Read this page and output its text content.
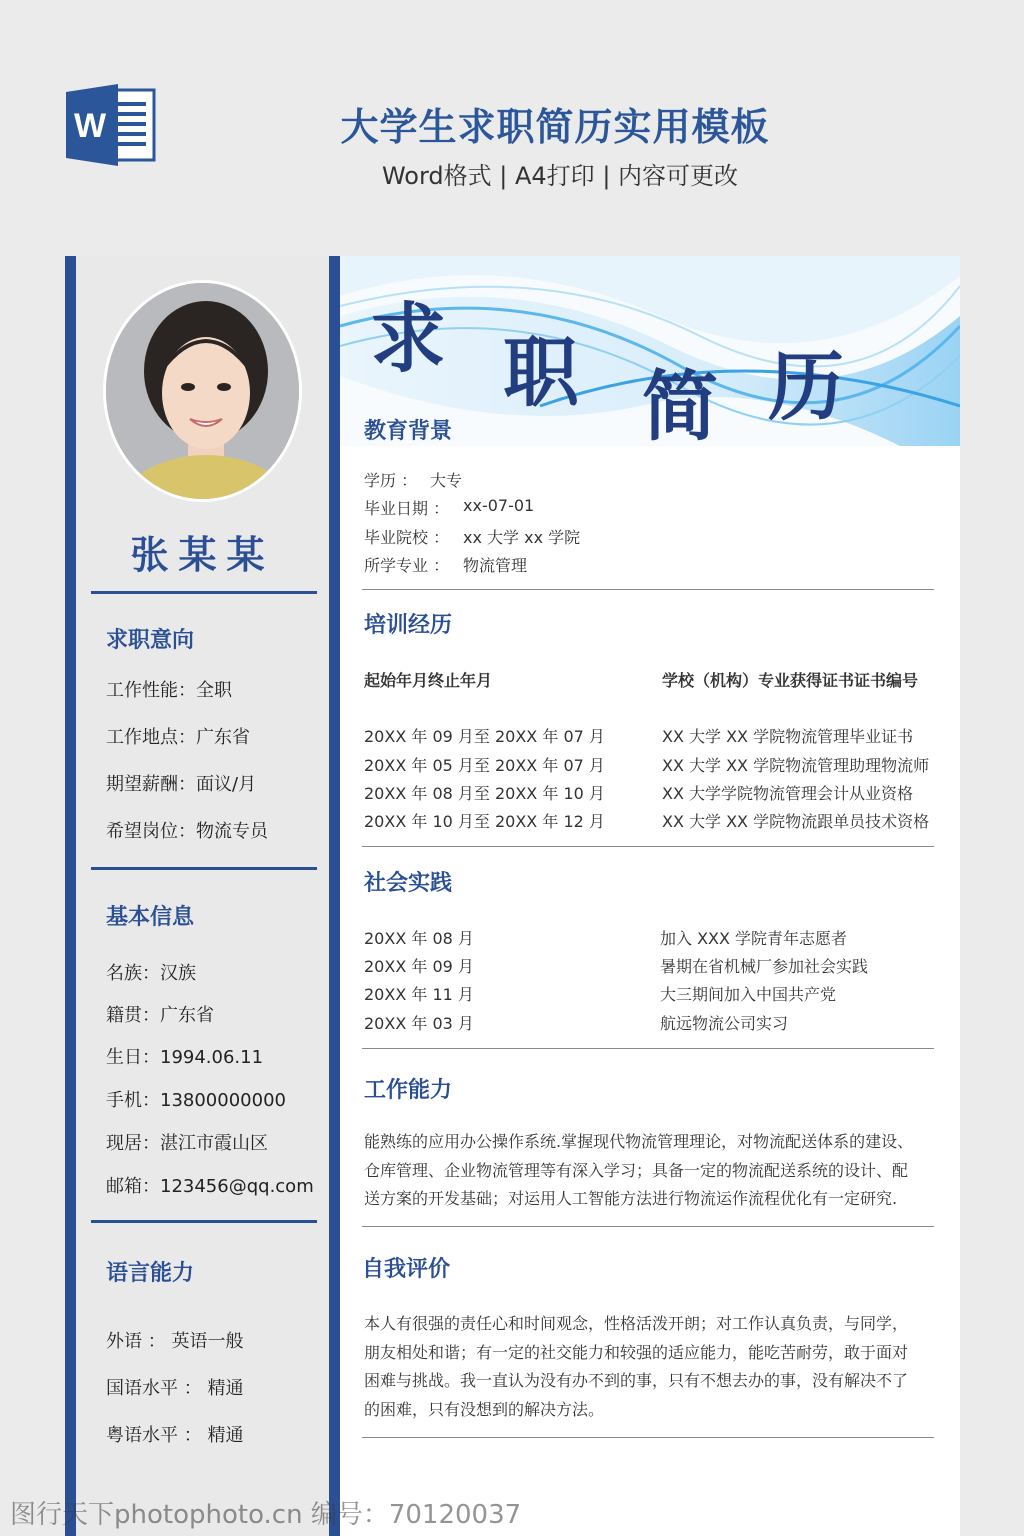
W	大学生求职简历实用模板
Word格式 | A4打印 | 内容可更改
张某某
求职意向
工作性能：全职
工作地点：广东省
期望薪酬：面议/月
希望岗位：物流专员
基本信息
名族：汉族
籍贯：广东省
生日：1994.06.11
手机：13800000000
现居：湛江市霞山区
邮箱：123456@qq.com
语言能力
外语 ： 英语一般
国语水平 ： 精通
粤语水平 ： 精通
求 职 简 历
教育背景
学历 ： 大专
毕业日期 ： xx-07-01
毕业院校 ： xx 大学 xx 学院
所学专业 ： 物流管理
培训经历
起始年月终止年月	学校（机构）专业获得证书证书编号
20XX 年 09 月至 20XX 年 07 月	XX 大学 XX 学院物流管理毕业证书
20XX 年 05 月至 20XX 年 07 月	XX 大学 XX 学院物流管理助理物流师
20XX 年 08 月至 20XX 年 10 月	XX 大学学院物流管理会计从业资格
20XX 年 10 月至 20XX 年 12 月	XX 大学 XX 学院物流跟单员技术资格
社会实践
20XX 年 08 月	加入 XXX 学院青年志愿者
20XX 年 09 月	暑期在省机械厂参加社会实践
20XX 年 11 月	大三期间加入中国共产党
20XX 年 03 月	航远物流公司实习
工作能力
能熟练的应用办公操作系统.掌握现代物流管理理论，对物流配送体系的建设、
仓库管理、企业物流管理等有深入学习；具备一定的物流配送系统的设计、配
送方案的开发基础；对运用人工智能方法进行物流运作流程优化有一定研究.
自我评价
本人有很强的责任心和时间观念，性格活泼开朗；对工作认真负责，与同学，
朋友相处和谐；有一定的社交能力和较强的适应能力，能吃苦耐劳，敢于面对
困难与挑战。我一直认为没有办不到的事，只有不想去办的事，没有解决不了
的困难，只有没想到的解决方法。
图行天下photophoto.cn 编号：70120037
